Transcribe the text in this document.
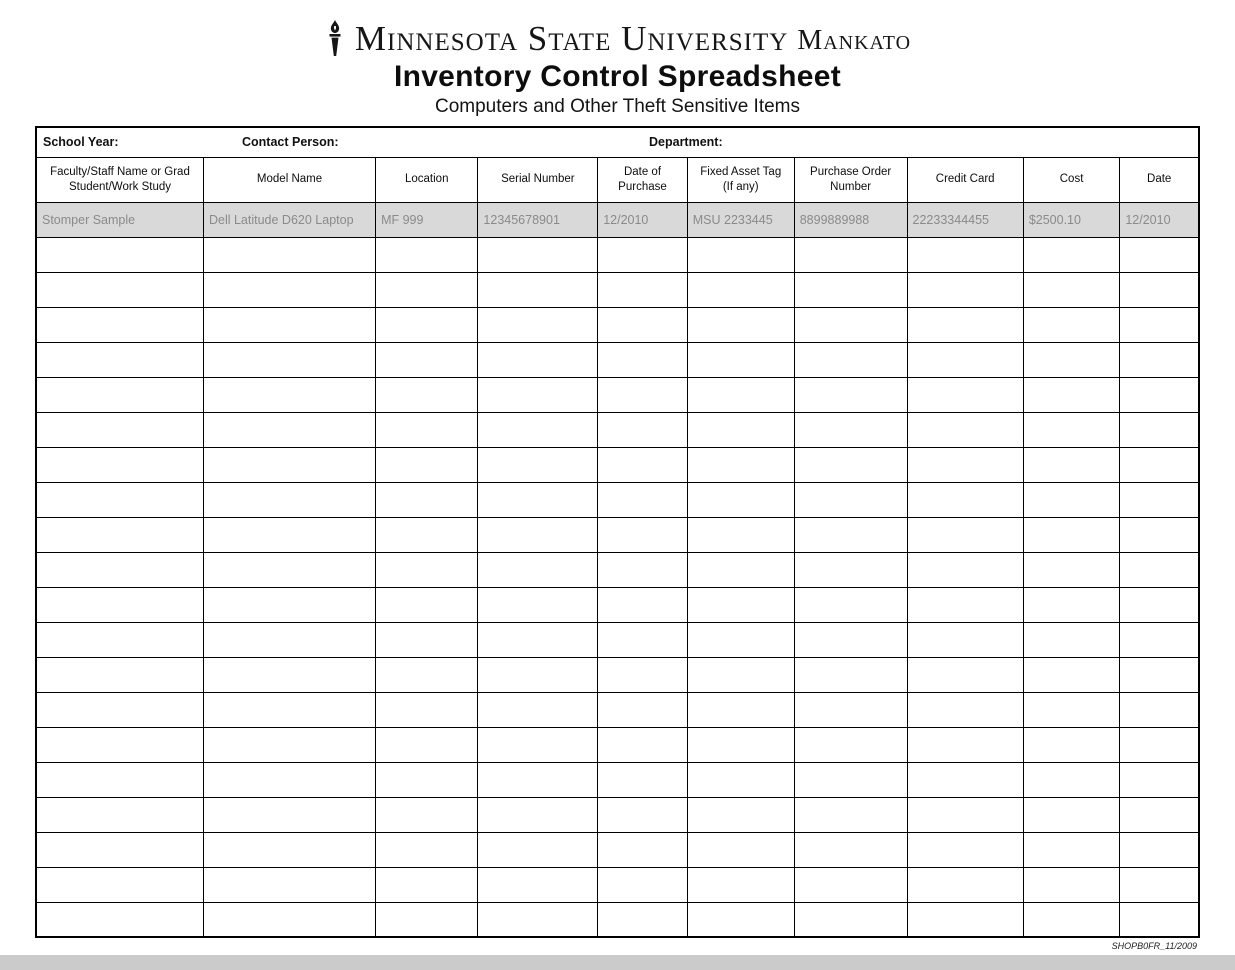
Minnesota State University Mankato
Inventory Control Spreadsheet
Computers and Other Theft Sensitive Items
School Year: Contact Person: Department:									

Faculty/Staff Name or Grad Student/Work Study	Model Name	Location	Serial Number	Date of Purchase	Fixed Asset Tag (If any)	Purchase Order Number	Credit Card	Cost	Date
Stomper Sample	Dell Latitude D620 Laptop	MF 999	12345678901	12/2010	MSU 2233445	8899889988	22233344455	$2500.10	12/2010

SHOPB0FR_11/2009
